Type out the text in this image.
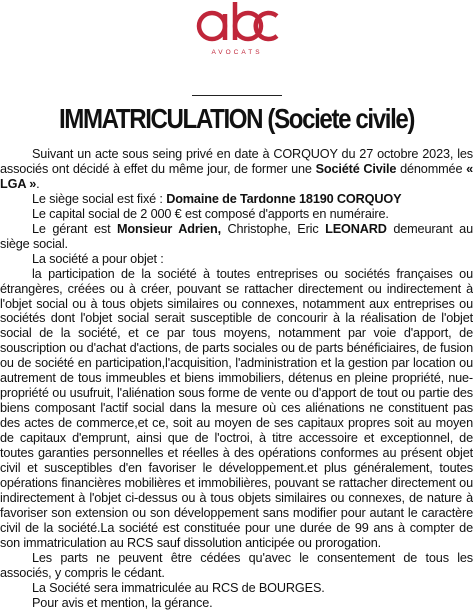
AVOCATS
IMMATRICULATION (Societe civile)

Suivant un acte sous seing privé en date à CORQUOY du 27 octobre 2023, les associés ont décidé à effet du même jour, de former une Société Civile dénommée « LGA ».

Le siège social est fixé : Domaine de Tardonne 18190 CORQUOY

Le capital social de 2 000 € est composé d'apports en numéraire.

Le gérant est Monsieur Adrien, Christophe, Eric LEONARD demeurant au siège social.

La société a pour objet :

la participation de la société à toutes entreprises ou sociétés françaises ou étrangères, créées ou à créer, pouvant se rattacher directement ou indirectement à l'objet social ou à tous objets similaires ou connexes, notamment aux entreprises ou sociétés dont l'objet social serait susceptible de concourir à la réalisation de l'objet social de la société, et ce par tous moyens, notamment par voie d'apport, de souscription ou d'achat d'actions, de parts sociales ou de parts bénéficiaires, de fusion ou de société en participation,l'acquisition, l'administration et la gestion par location ou autrement de tous immeubles et biens immobiliers, détenus en pleine propriété, nue-propriété ou usufruit, l'aliénation sous forme de vente ou d'apport de tout ou partie des biens composant l'actif social dans la mesure où ces aliénations ne constituent pas des actes de commerce,et ce, soit au moyen de ses capitaux propres soit au moyen de capitaux d'emprunt, ainsi que de l'octroi, à titre accessoire et exceptionnel, de toutes garanties personnelles et réelles à des opérations conformes au présent objet civil et susceptibles d'en favoriser le développement.et plus généralement, toutes opérations financières mobilières et immobilières, pouvant se rattacher directement ou indirectement à l'objet ci-dessus ou à tous objets similaires ou connexes, de nature à favoriser son extension ou son développement sans modifier pour autant le caractère civil de la société.La société est constituée pour une durée de 99 ans à compter de son immatriculation au RCS sauf dissolution anticipée ou prorogation.

Les parts ne peuvent être cédées qu'avec le consentement de tous les associés, y compris le cédant.

La Société sera immatriculée au RCS de BOURGES.

Pour avis et mention, la gérance.
